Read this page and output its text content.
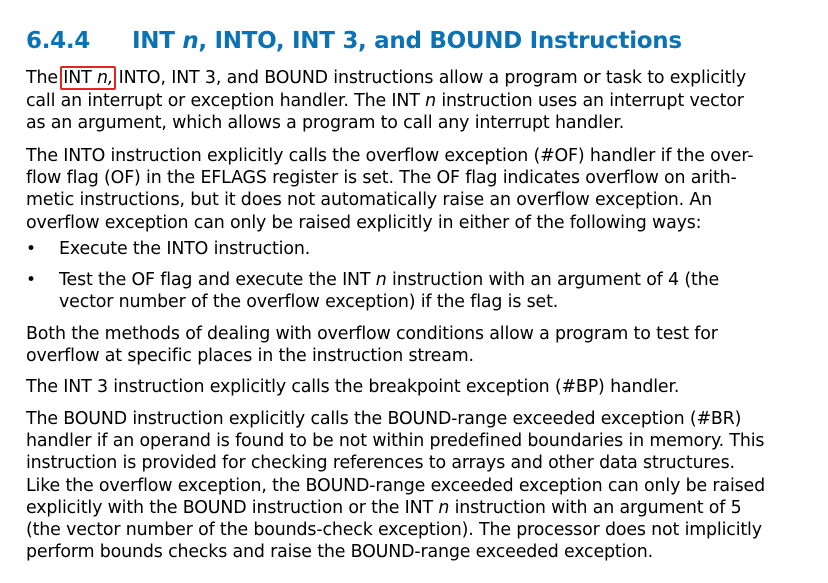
6.4.4 INT n, INTO, INT 3, and BOUND Instructions
The INT n, INTO, INT 3, and BOUND instructions allow a program or task to explicitly
call an interrupt or exception handler. The INT n instruction uses an interrupt vector
as an argument, which allows a program to call any interrupt handler.
The INTO instruction explicitly calls the overflow exception (#OF) handler if the over-
flow flag (OF) in the EFLAGS register is set. The OF flag indicates overflow on arith-
metic instructions, but it does not automatically raise an overflow exception. An
overflow exception can only be raised explicitly in either of the following ways:
•	Execute the INTO instruction.
•	Test the OF flag and execute the INT n instruction with an argument of 4 (the
vector number of the overflow exception) if the flag is set.
Both the methods of dealing with overflow conditions allow a program to test for
overflow at specific places in the instruction stream.
The INT 3 instruction explicitly calls the breakpoint exception (#BP) handler.
The BOUND instruction explicitly calls the BOUND-range exceeded exception (#BR)
handler if an operand is found to be not within predefined boundaries in memory. This
instruction is provided for checking references to arrays and other data structures.
Like the overflow exception, the BOUND-range exceeded exception can only be raised
explicitly with the BOUND instruction or the INT n instruction with an argument of 5
(the vector number of the bounds-check exception). The processor does not implicitly
perform bounds checks and raise the BOUND-range exceeded exception.
